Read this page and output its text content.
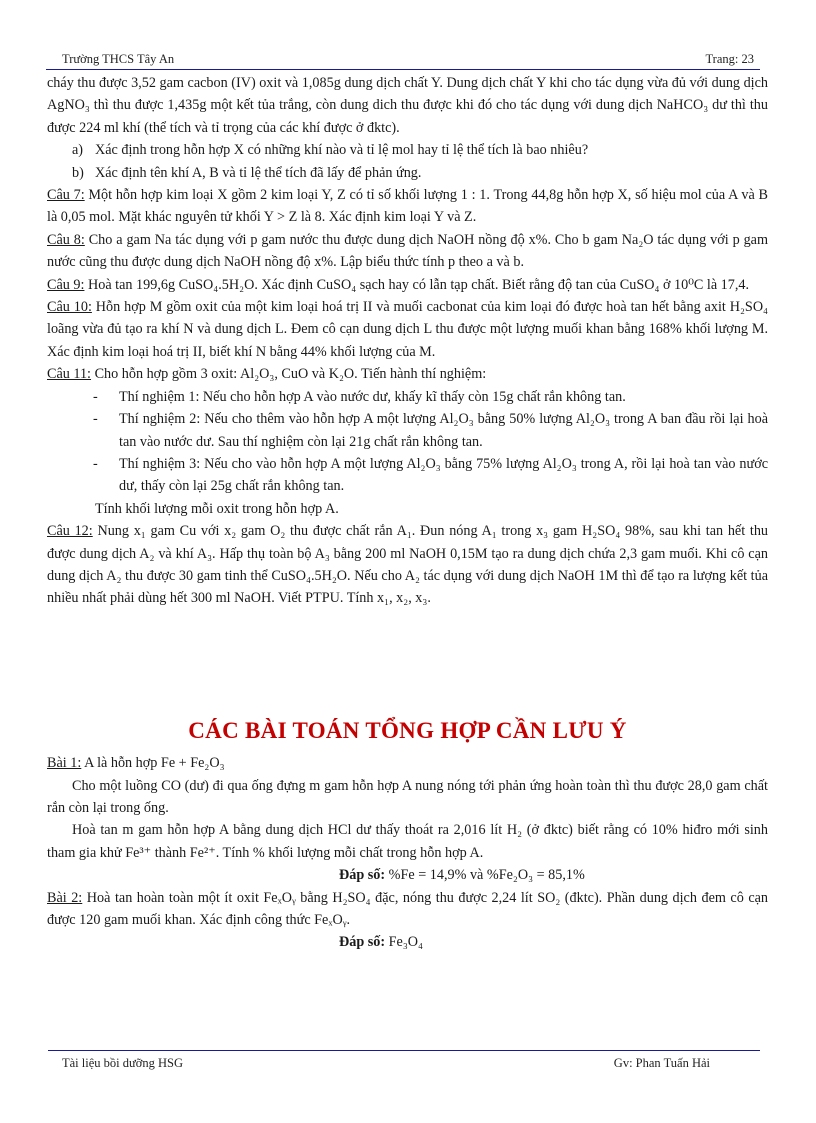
Trường THCS Tây An	Trang: 23

cháy thu được 3,52 gam cacbon (IV) oxit và 1,085g dung dịch chất Y. Dung dịch chất Y khi cho tác dụng vừa đủ với dung dịch AgNO₃ thì thu được 1,435g một kết tủa trắng, còn dung dich thu được khi đó cho tác dụng với dung dịch NaHCO₃ dư thì thu được 224 ml khí (thể tích và tỉ trọng của các khí được ở đktc).

a) Xác định trong hỗn hợp X có những khí nào và tỉ lệ mol hay tỉ lệ thể tích là bao nhiêu?
b) Xác định tên khí A, B và tỉ lệ thể tích đã lấy để phản ứng.

Câu 7: Một hỗn hợp kim loại X gồm 2 kim loại Y, Z có tỉ số khối lượng 1 : 1. Trong 44,8g hỗn hợp X, số hiệu mol của A và B là 0,05 mol. Mặt khác nguyên tử khối Y > Z là 8. Xác định kim loại Y và Z.

Câu 8: Cho a gam Na tác dụng với p gam nước thu được dung dịch NaOH nồng độ x%. Cho b gam Na₂O tác dụng với p gam nước cũng thu được dung dịch NaOH nồng độ x%. Lập biểu thức tính p theo a và b.

Câu 9: Hoà tan 199,6g CuSO₄.5H₂O. Xác định CuSO₄ sạch hay có lẫn tạp chất. Biết rằng độ tan của CuSO₄ ở 10⁰C là 17,4.

Câu 10: Hỗn hợp M gồm oxit của một kim loại hoá trị II và muối cacbonat của kim loại đó được hoà tan hết bằng axit H₂SO₄ loãng vừa đủ tạo ra khí N và dung dịch L. Đem cô cạn dung dịch L thu được một lượng muối khan bằng 168% khối lượng M. Xác định kim loại hoá trị II, biết khí N bằng 44% khối lượng của M.

Câu 11: Cho hỗn hợp gồm 3 oxit: Al₂O₃, CuO và K₂O. Tiến hành thí nghiệm:

- Thí nghiệm 1: Nếu cho hỗn hợp A vào nước dư, khấy kĩ thấy còn 15g chất rắn không tan.
- Thí nghiệm 2: Nếu cho thêm vào hỗn hợp A một lượng Al₂O₃ bằng 50% lượng Al₂O₃ trong A ban đầu rồi lại hoà tan vào nước dư. Sau thí nghiệm còn lại 21g chất rắn không tan.
- Thí nghiệm 3: Nếu cho vào hỗn hợp A một lượng Al₂O₃ bằng 75% lượng Al₂O₃ trong A, rồi lại hoà tan vào nước dư, thấy còn lại 25g chất rắn không tan.

Tính khối lượng mỗi oxit trong hỗn hợp A.

Câu 12: Nung x₁ gam Cu với x₂ gam O₂ thu được chất rắn A₁. Đun nóng A₁ trong x₃ gam H₂SO₄ 98%, sau khi tan hết thu được dung dịch A₂ và khí A₃. Hấp thụ toàn bộ A₃ bằng 200 ml NaOH 0,15M tạo ra dung dịch chứa 2,3 gam muối. Khi cô cạn dung dịch A₂ thu được 30 gam tinh thể CuSO₄.5H₂O. Nếu cho A₂ tác dụng với dung dịch NaOH 1M thì để tạo ra lượng kết tủa nhiều nhất phải dùng hết 300 ml NaOH. Viết PTPU. Tính x₁, x₂, x₃.

CÁC BÀI TOÁN TỔNG HỢP CẦN LƯU Ý

Bài 1: A là hỗn hợp Fe + Fe₂O₃

Cho một luồng CO (dư) đi qua ống đựng m gam hỗn hợp A nung nóng tới phản ứng hoàn toàn thì thu được 28,0 gam chất rắn còn lại trong ống.

Hoà tan m gam hỗn hợp A bằng dung dịch HCl dư thấy thoát ra 2,016 lít H₂ (ở đktc) biết rằng có 10% hiđro mới sinh tham gia khử Fe³⁺ thành Fe²⁺. Tính % khối lượng mỗi chất trong hỗn hợp A.

Đáp số: %Fe = 14,9% và %Fe₂O₃ = 85,1%

Bài 2: Hoà tan hoàn toàn một ít oxit FeₓOᵧ bằng H₂SO₄ đặc, nóng thu được 2,24 lít SO₂ (đktc). Phần dung dịch đem cô cạn được 120 gam muối khan. Xác định công thức FeₓOᵧ.

Đáp số: Fe₃O₄

Tài liệu bồi dưỡng HSG	Gv: Phan Tuấn Hải
